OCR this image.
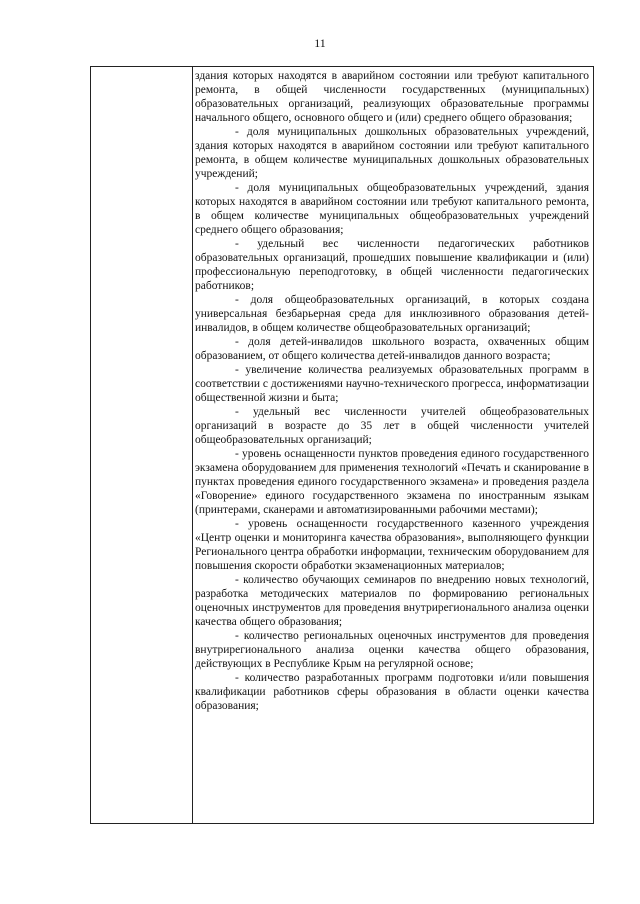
11

здания которых находятся в аварийном состоянии или требуют капитального ремонта, в общей численности государственных (муниципальных) образовательных организаций, реализующих образовательные программы начального общего, основного общего и (или) среднего общего образования;

- доля муниципальных дошкольных образовательных учреждений, здания которых находятся в аварийном состоянии или требуют капитального ремонта, в общем количестве муниципальных дошкольных образовательных учреждений;

- доля муниципальных общеобразовательных учреждений, здания которых находятся в аварийном состоянии или требуют капитального ремонта, в общем количестве муниципальных общеобразовательных учреждений среднего общего образования;

- удельный вес численности педагогических работников образовательных организаций, прошедших повышение квалификации и (или) профессиональную переподготовку, в общей численности педагогических работников;

- доля общеобразовательных организаций, в которых создана универсальная безбарьерная среда для инклюзивного образования детей-инвалидов, в общем количестве общеобразовательных организаций;

- доля детей-инвалидов школьного возраста, охваченных общим образованием, от общего количества детей-инвалидов данного возраста;

- увеличение количества реализуемых образовательных программ в соответствии с достижениями научно-технического прогресса, информатизации общественной жизни и быта;

- удельный вес численности учителей общеобразовательных организаций в возрасте до 35 лет в общей численности учителей общеобразовательных организаций;

- уровень оснащенности пунктов проведения единого государственного экзамена оборудованием для применения технологий «Печать и сканирование в пунктах проведения единого государственного экзамена» и проведения раздела «Говорение» единого государственного экзамена по иностранным языкам (принтерами, сканерами и автоматизированными рабочими местами);

- уровень оснащенности государственного казенного учреждения «Центр оценки и мониторинга качества образования», выполняющего функции Регионального центра обработки информации, техническим оборудованием для повышения скорости обработки экзаменационных материалов;

- количество обучающих семинаров по внедрению новых технологий, разработка методических материалов по формированию региональных оценочных инструментов для проведения внутрирегионального анализа оценки качества общего образования;

- количество региональных оценочных инструментов для проведения внутрирегионального анализа оценки качества общего образования, действующих в Республике Крым на регулярной основе;

- количество разработанных программ подготовки и/или повышения квалификации работников сферы образования в области оценки качества образования;
